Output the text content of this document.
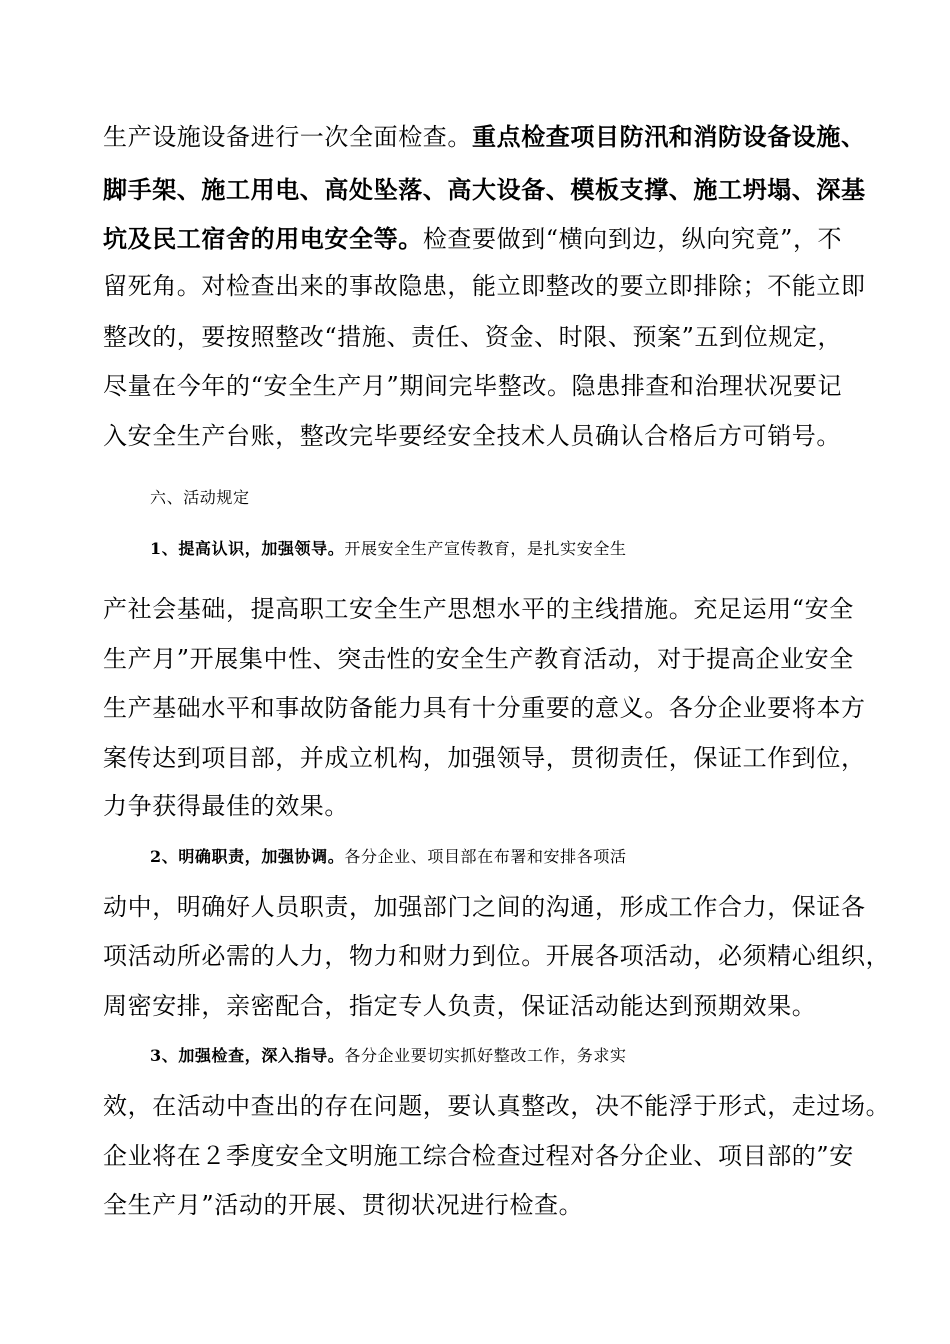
生产设施设备进行一次全面检查。重点检查项目防汛和消防设备设施、
脚手架、施工用电、高处坠落、高大设备、模板支撑、施工坍塌、深基
坑及民工宿舍的用电安全等。检查要做到“横向到边，纵向究竟”，不
留死角。对检查出来的事故隐患，能立即整改的要立即排除；不能立即
整改的，要按照整改“措施、责任、资金、时限、预案”五到位规定，
尽量在今年的“安全生产月”期间完毕整改。隐患排查和治理状况要记
入安全生产台账，整改完毕要经安全技术人员确认合格后方可销号。
六、活动规定
1、提高认识，加强领导。开展安全生产宣传教育，是扎实安全生
产社会基础，提高职工安全生产思想水平的主线措施。充足运用“安全
生产月”开展集中性、突击性的安全生产教育活动，对于提高企业安全
生产基础水平和事故防备能力具有十分重要的意义。各分企业要将本方
案传达到项目部，并成立机构，加强领导，贯彻责任，保证工作到位，
力争获得最佳的效果。
2、明确职责，加强协调。各分企业、项目部在布署和安排各项活
动中，明确好人员职责，加强部门之间的沟通，形成工作合力，保证各
项活动所必需的人力，物力和财力到位。开展各项活动，必须精心组织，
周密安排，亲密配合，指定专人负责，保证活动能达到预期效果。
3、加强检查，深入指导。各分企业要切实抓好整改工作，务求实
效，在活动中查出的存在问题，要认真整改，决不能浮于形式，走过场。
企业将在２季度安全文明施工综合检查过程对各分企业、项目部的”安
全生产月”活动的开展、贯彻状况进行检查。
